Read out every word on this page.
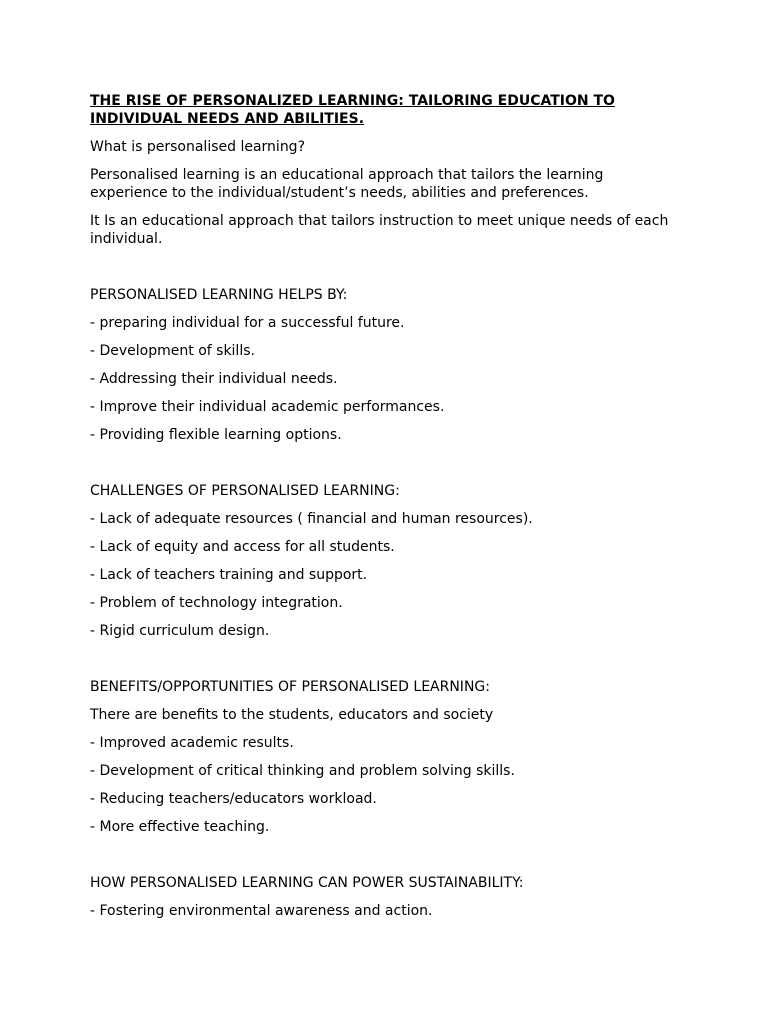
THE RISE OF PERSONALIZED LEARNING: TAILORING EDUCATION TO INDIVIDUAL NEEDS AND ABILITIES.
What is personalised learning?
Personalised learning is an educational approach that tailors the learning experience to the individual/student’s needs, abilities and preferences.
It Is an educational approach that tailors instruction to meet unique needs of each individual.
PERSONALISED LEARNING HELPS BY:
- preparing individual for a successful future.
- Development of skills.
- Addressing their individual needs.
- Improve their individual academic performances.
- Providing flexible learning options.
CHALLENGES OF PERSONALISED LEARNING:
- Lack of adequate resources ( financial and human resources).
- Lack of equity and access for all students.
- Lack of teachers training and support.
- Problem of technology integration.
- Rigid curriculum design.
BENEFITS/OPPORTUNITIES OF PERSONALISED LEARNING:
There are benefits to the students, educators and society
- Improved academic results.
- Development of critical thinking and problem solving skills.
- Reducing teachers/educators workload.
- More effective teaching.
HOW PERSONALISED LEARNING CAN POWER SUSTAINABILITY:
- Fostering environmental awareness and action.
